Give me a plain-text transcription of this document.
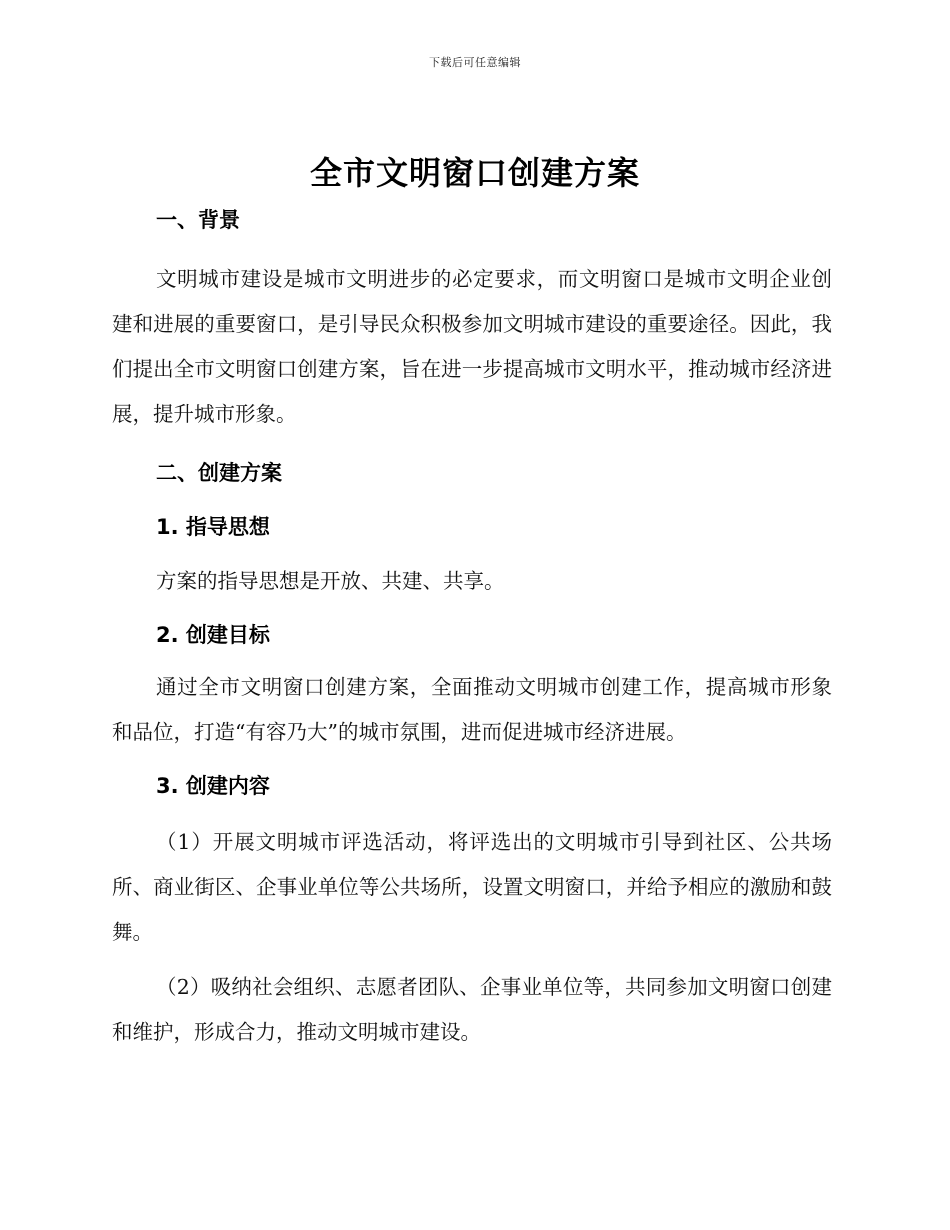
下载后可任意编辑
全市文明窗口创建方案
一、背景

文明城市建设是城市文明进步的必定要求，而文明窗口是城市文明企业创建和进展的重要窗口，是引导民众积极参加文明城市建设的重要途径。因此，我们提出全市文明窗口创建方案，旨在进一步提高城市文明水平，推动城市经济进展，提升城市形象。

二、创建方案
1. 指导思想

方案的指导思想是开放、共建、共享。

2. 创建目标

通过全市文明窗口创建方案，全面推动文明城市创建工作，提高城市形象和品位，打造“有容乃大”的城市氛围，进而促进城市经济进展。

3. 创建内容

（1）开展文明城市评选活动，将评选出的文明城市引导到社区、公共场所、商业街区、企事业单位等公共场所，设置文明窗口，并给予相应的激励和鼓舞。

（2）吸纳社会组织、志愿者团队、企事业单位等，共同参加文明窗口创建和维护，形成合力，推动文明城市建设。
